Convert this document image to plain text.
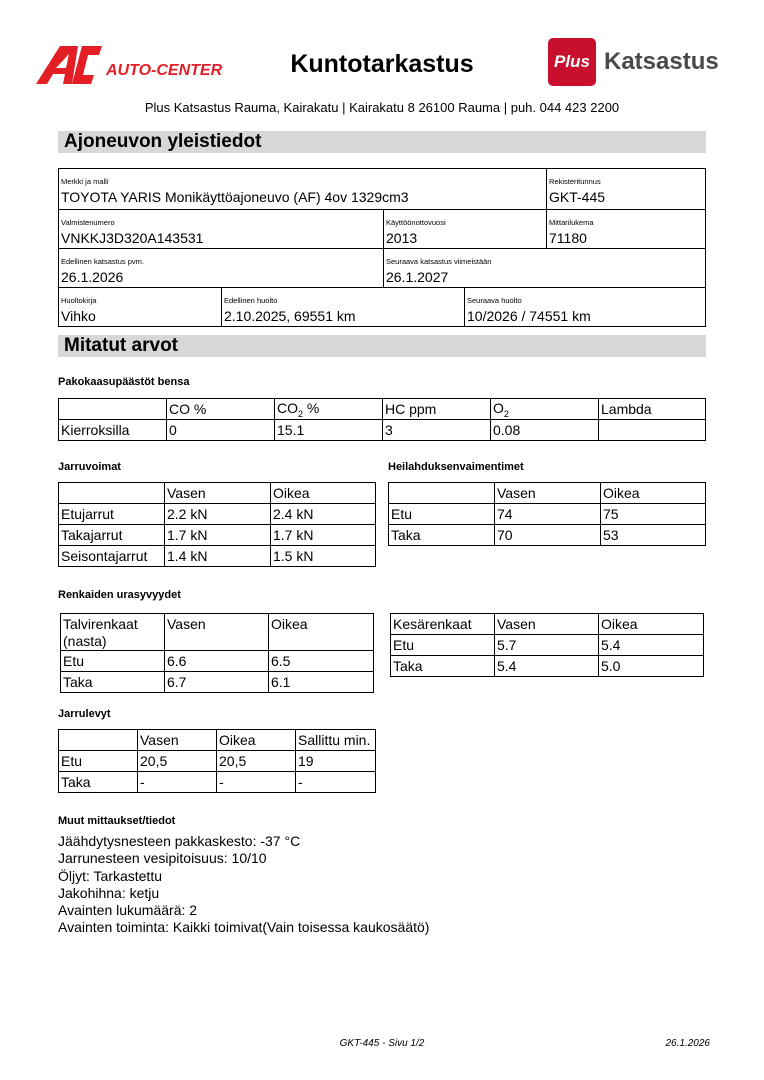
AUTO-CENTER	Kuntotarkastus	Plus Katsastus
Plus Katsastus Rauma, Kairakatu | Kairakatu 8 26100 Rauma | puh. 044 423 2200
Ajoneuvon yleistiedot
Merkki ja malli
TOYOTA YARIS Monikäyttöajoneuvo (AF) 4ov 1329cm3
Rekisteritunnus
GKT-445
Valmistenumero
VNKKJ3D320A143531
Käyttöönottovuosi
2013
Mittarilukema
71180
Edellinen katsastus pvm.
26.1.2026
Seuraava katsastus viimeistään
26.1.2027
Huoltokirja
Vihko
Edellinen huolto
2.10.2025, 69551 km
Seuraava huolto
10/2026 / 74551 km
Mitatut arvot
Pakokaasupäästöt bensa
	CO %	$CO_2$ %	HC ppm	$O_2$	Lambda
Kierroksilla	0	15.1	3	0.08	
Jarruvoimat
	Vasen	Oikea
Etujarrut	2.2 kN	2.4 kN
Takajarrut	1.7 kN	1.7 kN
Seisontajarrut	1.4 kN	1.5 kN
Heilahduksenvaimentimet
	Vasen	Oikea
Etu	74	75
Taka	70	53
Renkaiden urasyvyydet
Talvirenkaat (nasta)	Vasen	Oikea
Etu	6.6	6.5
Taka	6.7	6.1
Kesärenkaat	Vasen	Oikea
Etu	5.7	5.4
Taka	5.4	5.0
Jarrulevyt
	Vasen	Oikea	Sallittu min.
Etu	20,5	20,5	19
Taka	-	-	-
Muut mittaukset/tiedot
Jäähdytysnesteen pakkaskesto: -37 °C
Jarrunesteen vesipitoisuus: 10/10
Öljyt: Tarkastettu
Jakohihna: ketju
Avainten lukumäärä: 2
Avainten toiminta: Kaikki toimivat(Vain toisessa kaukosäätö)
GKT-445 - Sivu 1/2	26.1.2026
